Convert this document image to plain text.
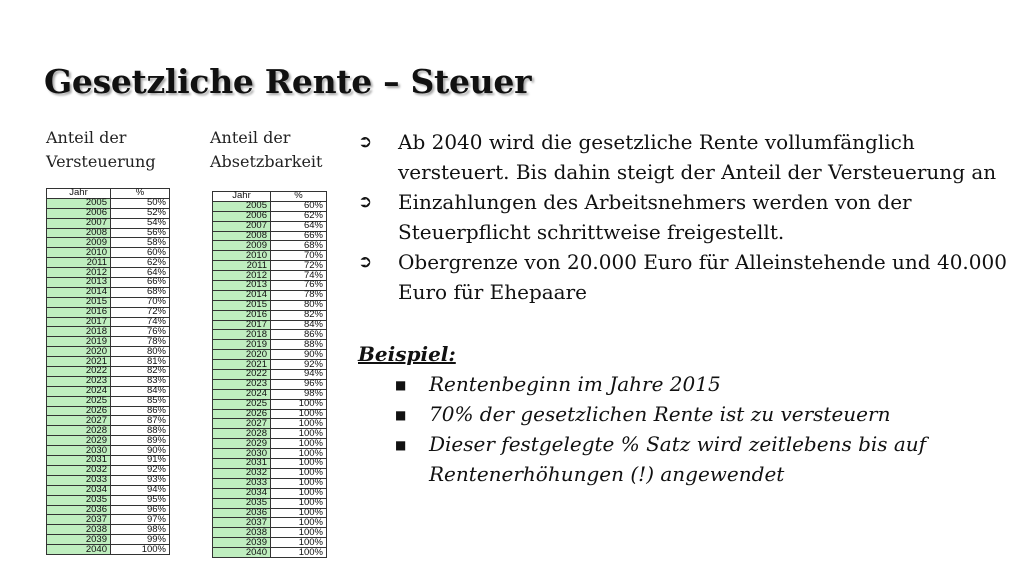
Gesetzliche Rente – Steuer
Anteil der
Versteuerung
Jahr	%
2005	50%
2006	52%
2007	54%
2008	56%
2009	58%
2010	60%
2011	62%
2012	64%
2013	66%
2014	68%
2015	70%
2016	72%
2017	74%
2018	76%
2019	78%
2020	80%
2021	81%
2022	82%
2023	83%
2024	84%
2025	85%
2026	86%
2027	87%
2028	88%
2029	89%
2030	90%
2031	91%
2032	92%
2033	93%
2034	94%
2035	95%
2036	96%
2037	97%
2038	98%
2039	99%
2040	100%
Anteil der
Absetzbarkeit
Jahr	%
2005	60%
2006	62%
2007	64%
2008	66%
2009	68%
2010	70%
2011	72%
2012	74%
2013	76%
2014	78%
2015	80%
2016	82%
2017	84%
2018	86%
2019	88%
2020	90%
2021	92%
2022	94%
2023	96%
2024	98%
2025	100%
2026	100%
2027	100%
2028	100%
2029	100%
2030	100%
2031	100%
2032	100%
2033	100%
2034	100%
2035	100%
2036	100%
2037	100%
2038	100%
2039	100%
2040	100%
➲ Ab 2040 wird die gesetzliche Rente vollumfänglich versteuert. Bis dahin steigt der Anteil der Versteuerung an
➲ Einzahlungen des Arbeitsnehmers werden von der Steuerpflicht schrittweise freigestellt.
➲ Obergrenze von 20.000 Euro für Alleinstehende und 40.000 Euro für Ehepaare
Beispiel:
■ Rentenbeginn im Jahre 2015
■ 70% der gesetzlichen Rente ist zu versteuern
■ Dieser festgelegte % Satz wird zeitlebens bis auf Rentenerhöhungen (!) angewendet
